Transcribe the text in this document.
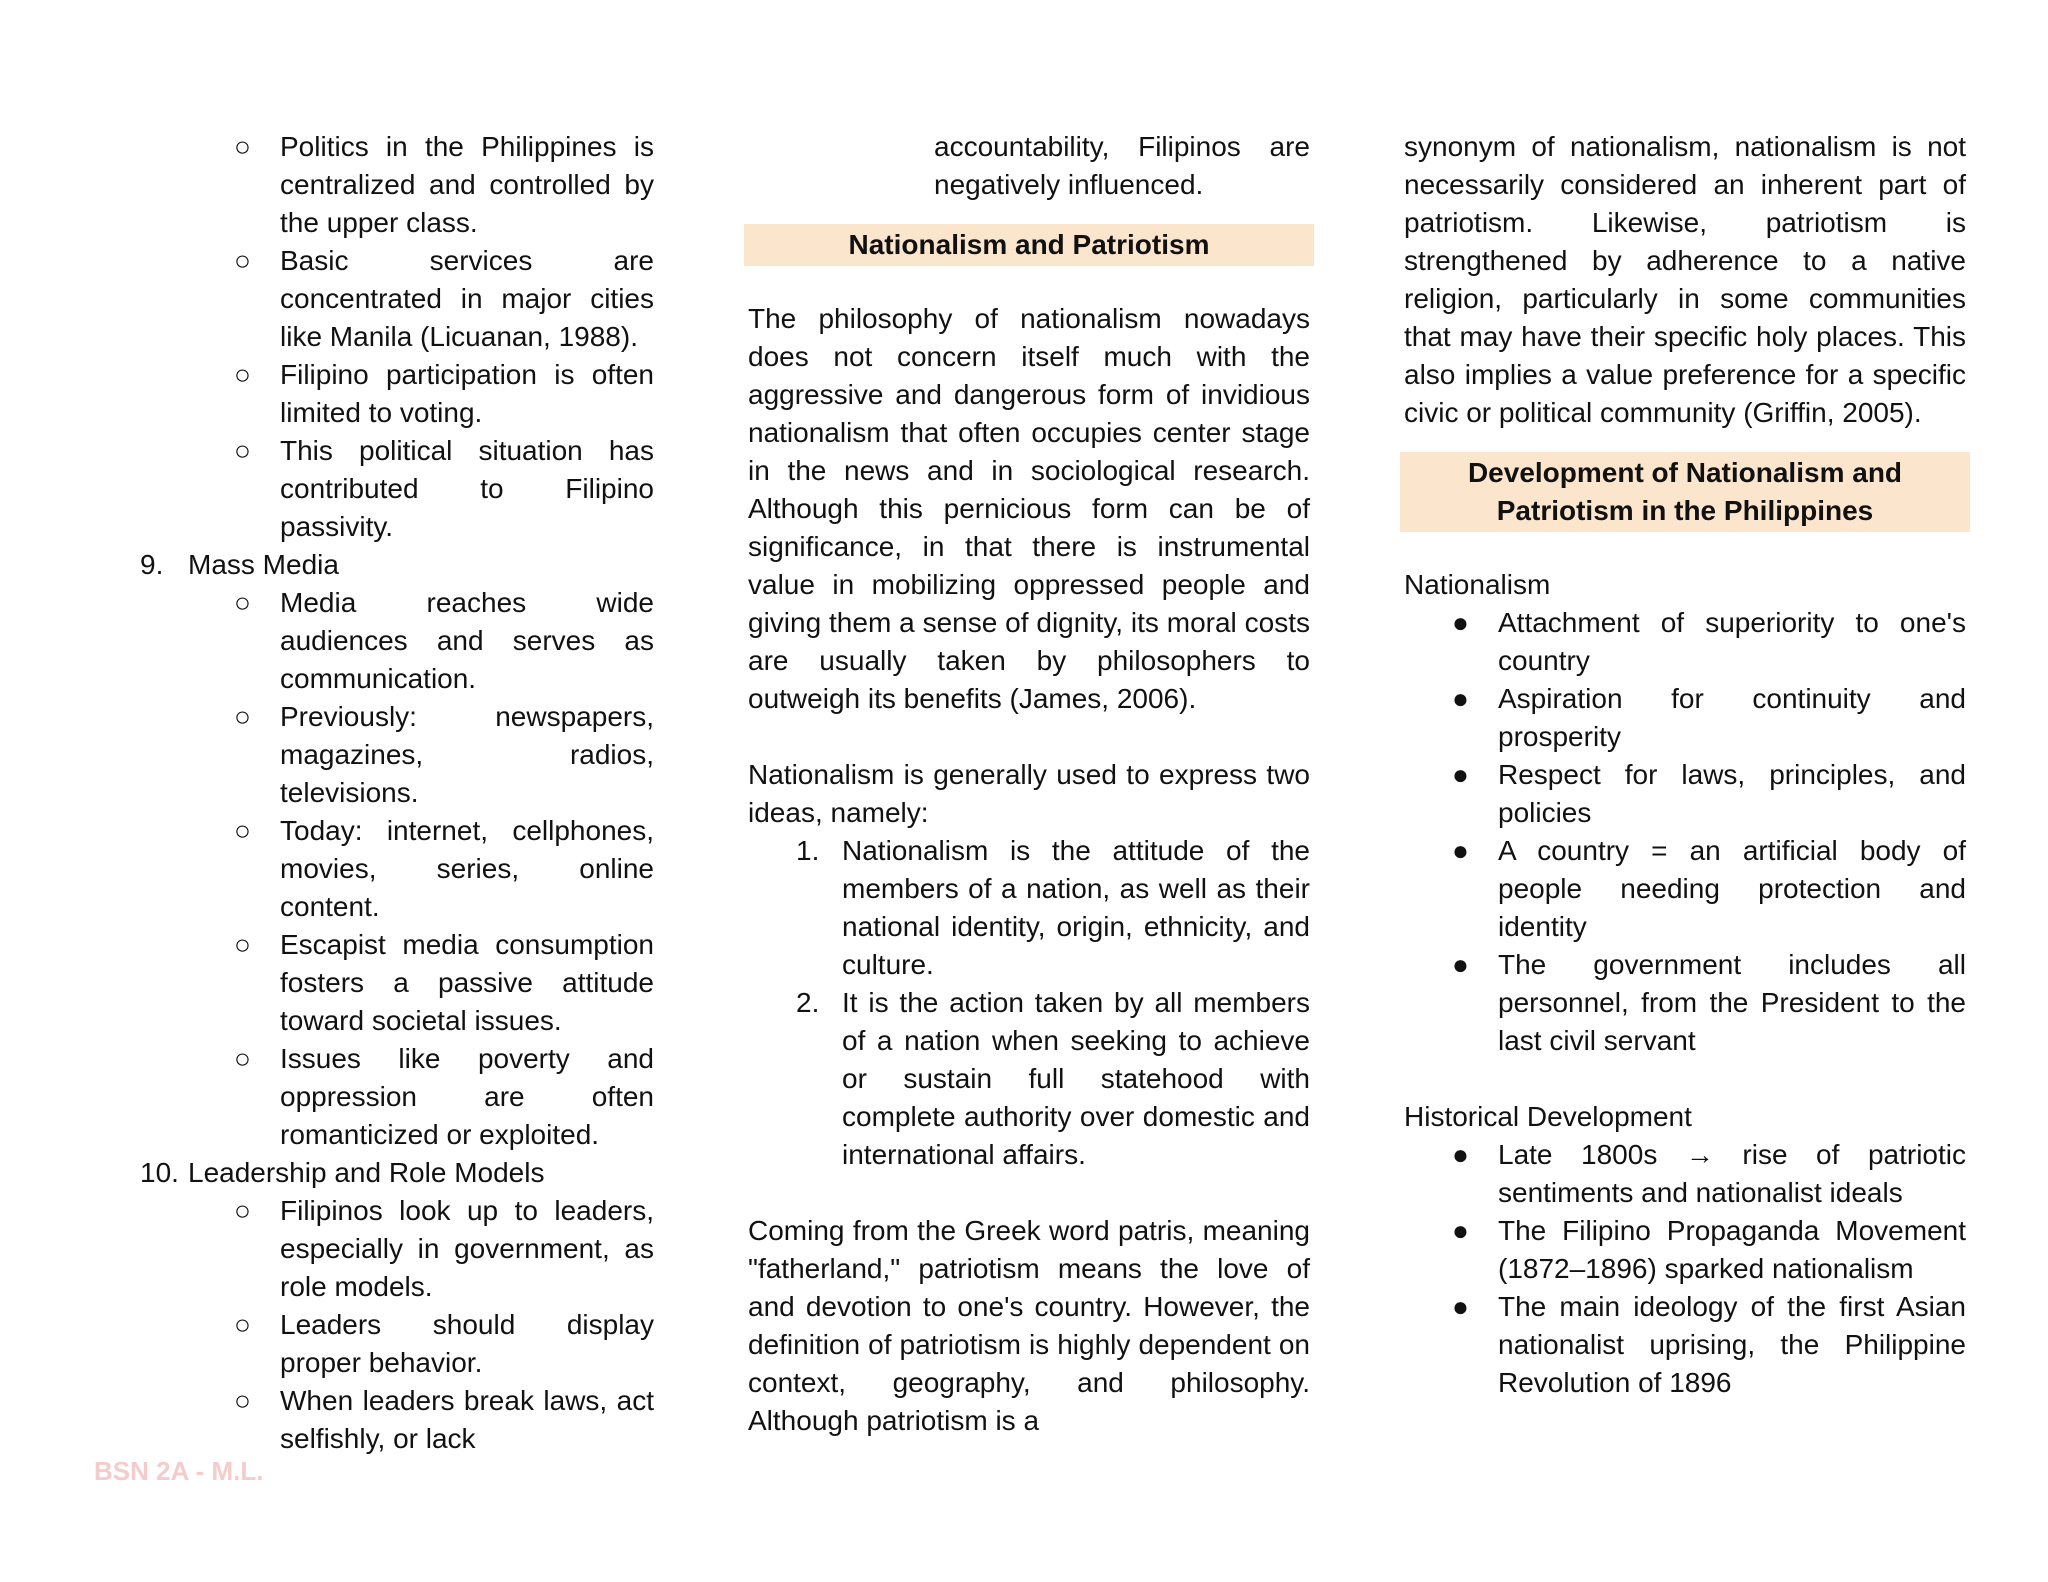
○	Politics in the Philippines is centralized and controlled by the upper class.
○	Basic services are concentrated in major cities like Manila (Licuanan, 1988).
○	Filipino participation is often limited to voting.
○	This political situation has contributed to Filipino passivity.
9. Mass Media
○	Media reaches wide audiences and serves as communication.
○	Previously: newspapers, magazines, radios, televisions.
○	Today: internet, cellphones, movies, series, online content.
○	Escapist media consumption fosters a passive attitude toward societal issues.
○	Issues like poverty and oppression are often romanticized or exploited.
10. Leadership and Role Models
○	Filipinos look up to leaders, especially in government, as role models.
○	Leaders should display proper behavior.
○	When leaders break laws, act selfishly, or lack

accountability, Filipinos are negatively influenced.

Nationalism and Patriotism

The philosophy of nationalism nowadays does not concern itself much with the aggressive and dangerous form of invidious nationalism that often occupies center stage in the news and in sociological research. Although this pernicious form can be of significance, in that there is instrumental value in mobilizing oppressed people and giving them a sense of dignity, its moral costs are usually taken by philosophers to outweigh its benefits (James, 2006).

Nationalism is generally used to express two ideas, namely:

1. Nationalism is the attitude of the members of a nation, as well as their national identity, origin, ethnicity, and culture.
2. It is the action taken by all members of a nation when seeking to achieve or sustain full statehood with complete authority over domestic and international affairs.

Coming from the Greek word patris, meaning "fatherland," patriotism means the love of and devotion to one's country. However, the definition of patriotism is highly dependent on context, geography, and philosophy. Although patriotism is a

synonym of nationalism, nationalism is not necessarily considered an inherent part of patriotism. Likewise, patriotism is strengthened by adherence to a native religion, particularly in some communities that may have their specific holy places. This also implies a value preference for a specific civic or political community (Griffin, 2005).

Development of Nationalism and
Patriotism in the Philippines
Nationalism
●	Attachment of superiority to one's country
●	Aspiration for continuity and prosperity
●	Respect for laws, principles, and policies
●	A country = an artificial body of people needing protection and identity
●	The government includes all personnel, from the President to the last civil servant
Historical Development
●	Late 1800s → rise of patriotic sentiments and nationalist ideals
●	The Filipino Propaganda Movement (1872–1896) sparked nationalism
●	The main ideology of the first Asian nationalist uprising, the Philippine Revolution of 1896
BSN 2A - M.L.
